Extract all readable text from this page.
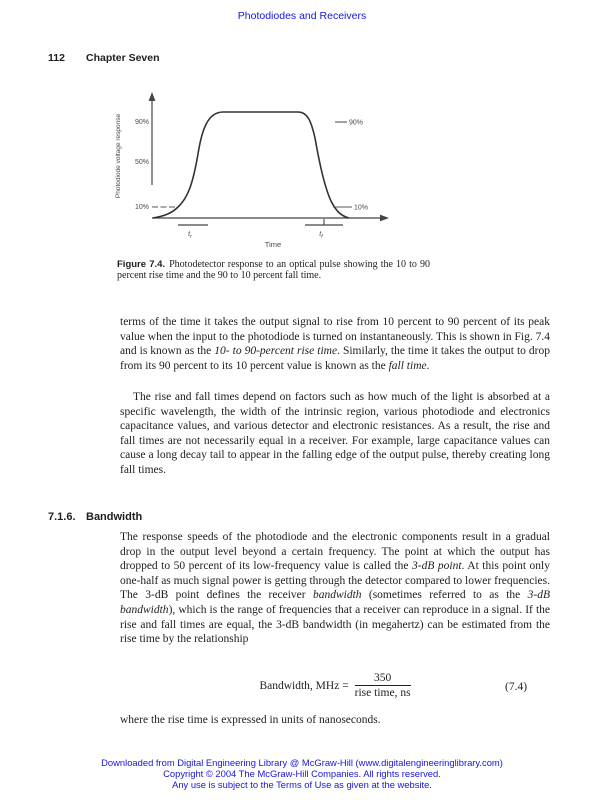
Photodiodes and Receivers
112 Chapter Seven
90%
50%
10%
90%
10%
$t_r$	$t_f$
Time
Photodiode voltage response
Figure 7.4. Photodetector response to an optical pulse showing the 10 to 90 percent rise time and the 90 to 10 percent fall time.

terms of the time it takes the output signal to rise from 10 percent to 90 percent of its peak value when the input to the photodiode is turned on instantaneously. This is shown in Fig. 7.4 and is known as the 10- to 90-percent rise time. Similarly, the time it takes the output to drop from its 90 percent to its 10 percent value is known as the fall time.

The rise and fall times depend on factors such as how much of the light is absorbed at a specific wavelength, the width of the intrinsic region, various photodiode and electronics capacitance values, and various detector and electronic resistances. As a result, the rise and fall times are not necessarily equal in a receiver. For example, large capacitance values can cause a long decay tail to appear in the falling edge of the output pulse, thereby creating long fall times.

7.1.6. Bandwidth

The response speeds of the photodiode and the electronic components result in a gradual drop in the output level beyond a certain frequency. The point at which the output has dropped to 50 percent of its low-frequency value is called the 3-dB point. At this point only one-half as much signal power is getting through the detector compared to lower frequencies. The 3-dB point defines the receiver bandwidth (sometimes referred to as the 3-dB bandwidth), which is the range of frequencies that a receiver can reproduce in a signal. If the rise and fall times are equal, the 3-dB bandwidth (in megahertz) can be estimated from the rise time by the relationship

Bandwidth, MHz = $\frac{350}{\text{rise time, ns}}$	(7.4)

where the rise time is expressed in units of nanoseconds.

Downloaded from Digital Engineering Library @ McGraw-Hill (www.digitalengineeringlibrary.com)
Copyright © 2004 The McGraw-Hill Companies. All rights reserved.
Any use is subject to the Terms of Use as given at the website.
